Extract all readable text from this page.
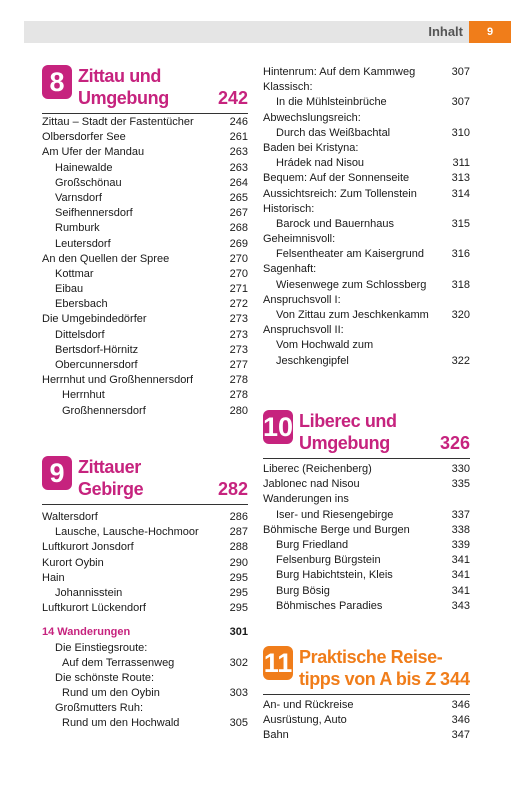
Inhalt	9
8 Zittau und
Umgebung	242
Zittau – Stadt der Fastentücher	246
Olbersdorfer See	261
Am Ufer der Mandau	263
Hainewalde	263
Großschönau	264
Varnsdorf	265
Seifhennersdorf	267
Rumburk	268
Leutersdorf	269
An den Quellen der Spree	270
Kottmar	270
Eibau	271
Ebersbach	272
Die Umgebindedörfer	273
Dittelsdorf	273
Bertsdorf-Hörnitz	273
Obercunnersdorf	277
Herrnhut und Großhennersdorf	278
Herrnhut	278
Großhennersdorf	280
9 Zittauer
Gebirge	282
Waltersdorf	286
Lausche, Lausche-Hochmoor	287
Luftkurort Jonsdorf	288
Kurort Oybin	290
Hain	295
Johannisstein	295
Luftkurort Lückendorf	295
14 Wanderungen	301
Die Einstiegsroute:
Auf dem Terrassenweg	302
Die schönste Route:
Rund um den Oybin	303
Großmutters Ruh:
Rund um den Hochwald	305
Hintenrum: Auf dem Kammweg	307
Klassisch:
In die Mühlsteinbrüche	307
Abwechslungsreich:
Durch das Weißbachtal	310
Baden bei Kristyna:
Hrádek nad Nisou	311
Bequem: Auf der Sonnenseite	313
Aussichtsreich: Zum Tollenstein	314
Historisch:
Barock und Bauernhaus	315
Geheimnisvoll:
Felsentheater am Kaisergrund	316
Sagenhaft:
Wiesenwege zum Schlossberg	318
Anspruchsvoll I:
Von Zittau zum Jeschkenkamm	320
Anspruchsvoll II:
Vom Hochwald zum
Jeschkengipfel	322
10 Liberec und
Umgebung	326
Liberec (Reichenberg)	330
Jablonec nad Nisou	335
Wanderungen ins
Iser- und Riesengebirge	337
Böhmische Berge und Burgen	338
Burg Friedland	339
Felsenburg Bürgstein	341
Burg Habichtstein, Kleis	341
Burg Bösig	341
Böhmisches Paradies	343
11 Praktische Reise-
tipps von A bis Z 344
An- und Rückreise	346
Ausrüstung, Auto	346
Bahn	347
